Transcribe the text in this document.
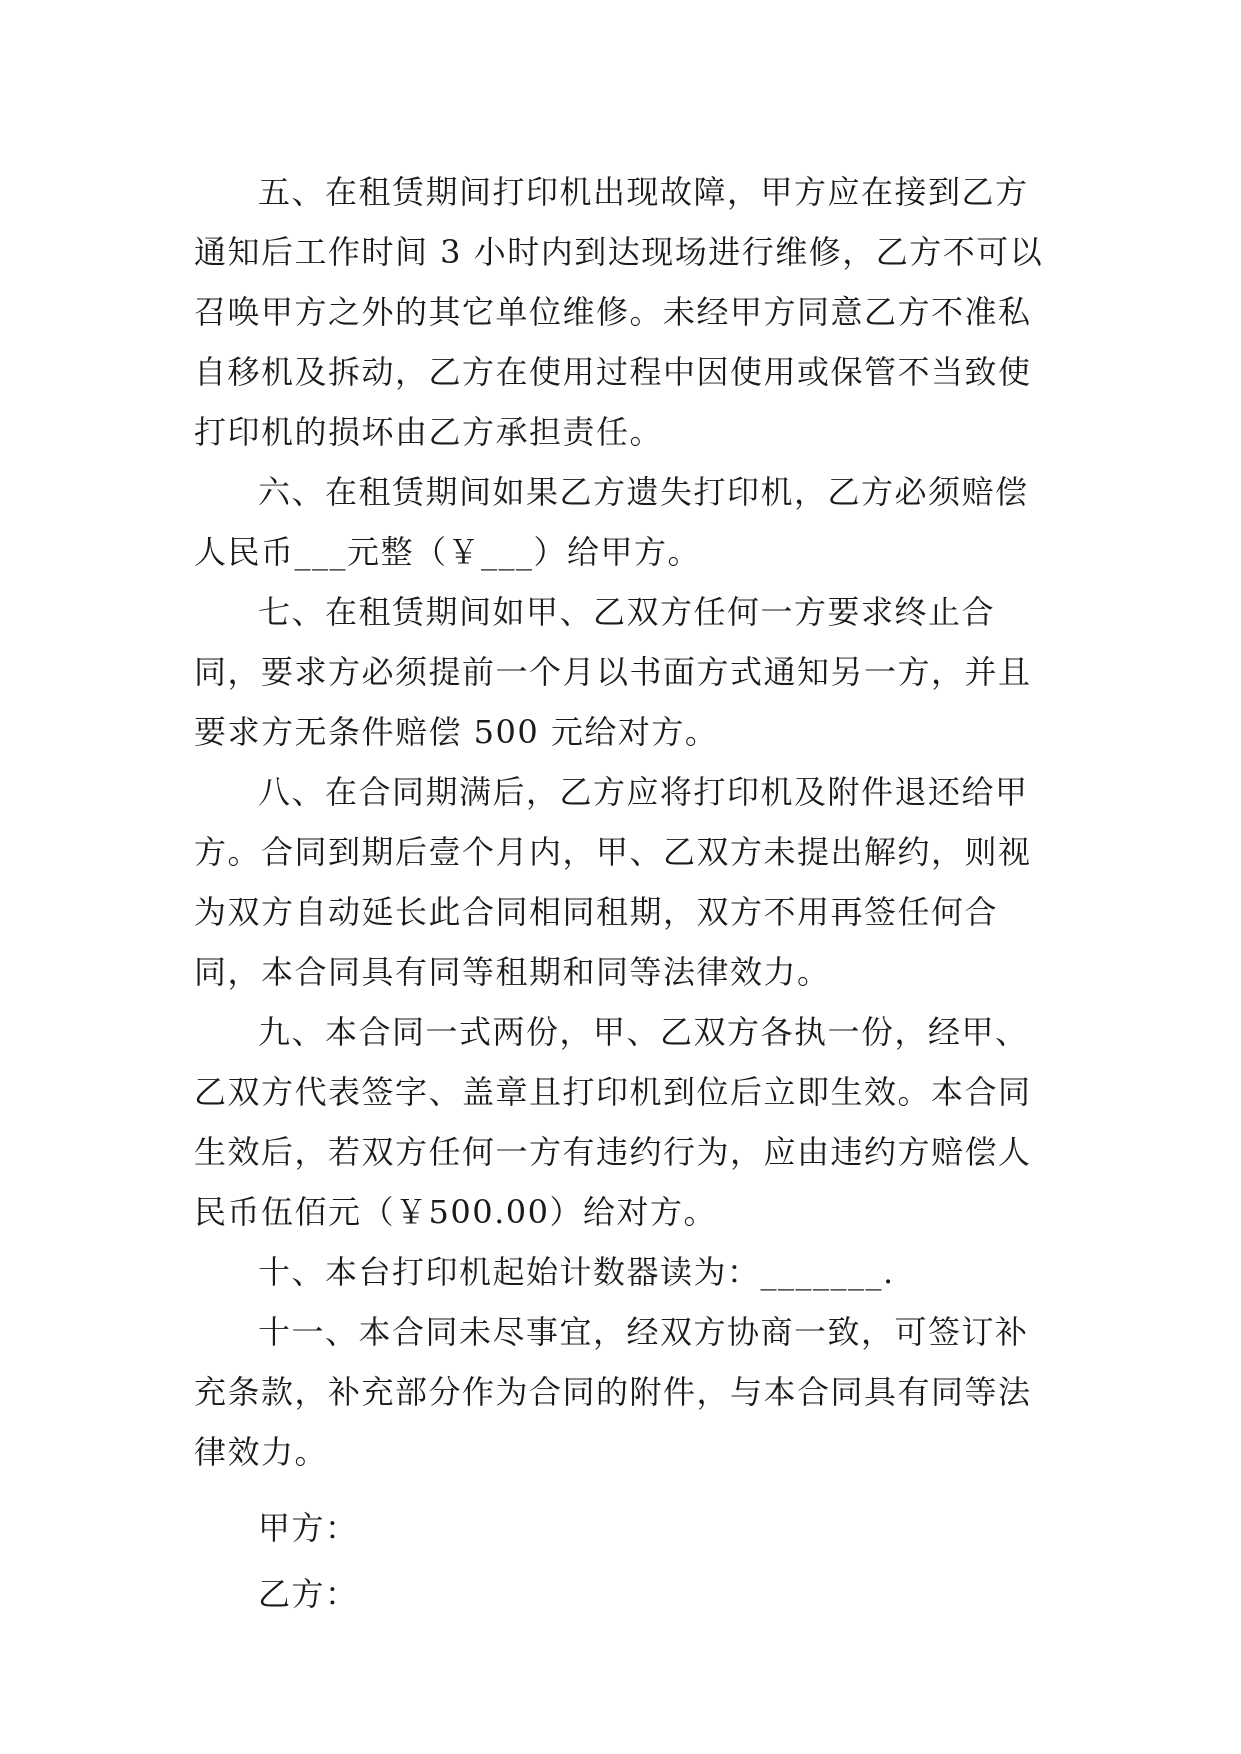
五、在租赁期间打印机出现故障，甲方应在接到乙方通知后工作时间 3 小时内到达现场进行维修，乙方不可以召唤甲方之外的其它单位维修。未经甲方同意乙方不准私自移机及拆动，乙方在使用过程中因使用或保管不当致使打印机的损坏由乙方承担责任。

六、在租赁期间如果乙方遗失打印机，乙方必须赔偿人民币___元整（￥___）给甲方。

七、在租赁期间如甲、乙双方任何一方要求终止合同，要求方必须提前一个月以书面方式通知另一方，并且要求方无条件赔偿 500 元给对方。

八、在合同期满后，乙方应将打印机及附件退还给甲方。合同到期后壹个月内，甲、乙双方未提出解约，则视为双方自动延长此合同相同租期，双方不用再签任何合同，本合同具有同等租期和同等法律效力。

九、本合同一式两份，甲、乙双方各执一份，经甲、乙双方代表签字、盖章且打印机到位后立即生效。本合同生效后，若双方任何一方有违约行为，应由违约方赔偿人民币伍佰元（￥500.00）给对方。

十、本台打印机起始计数器读为：_______.

十一、本合同未尽事宜，经双方协商一致，可签订补充条款，补充部分作为合同的附件，与本合同具有同等法律效力。

甲方：

乙方：
